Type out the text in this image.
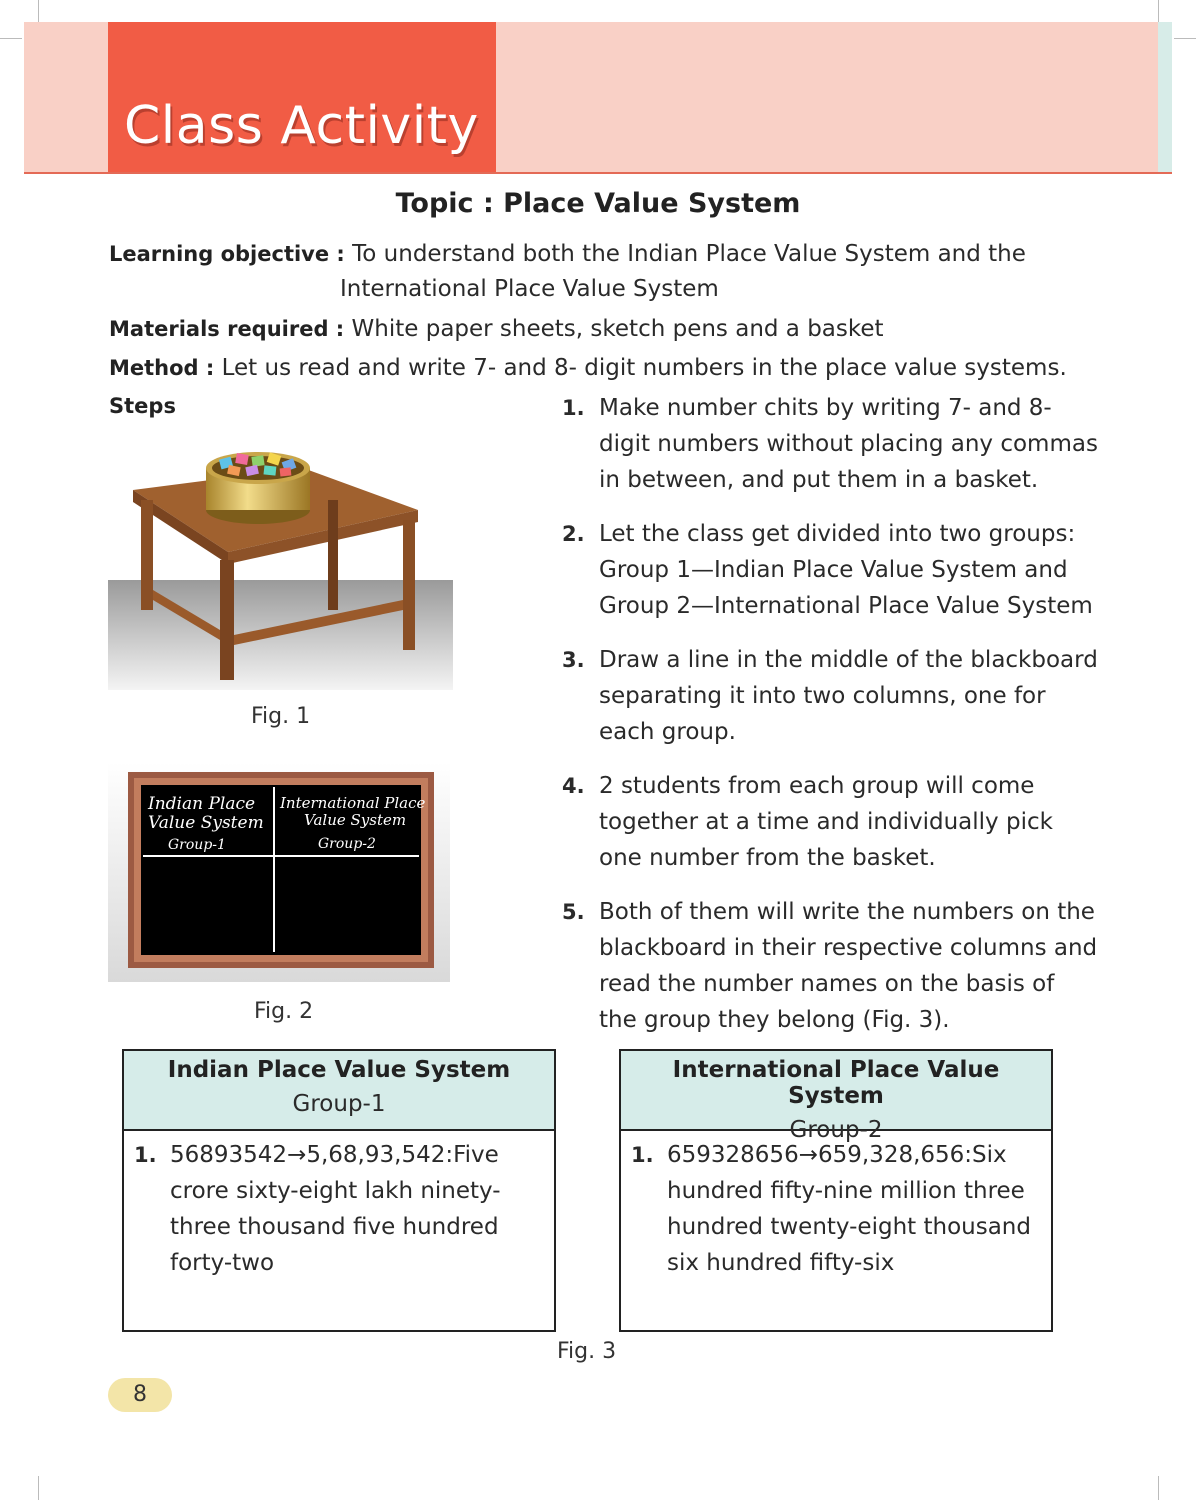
Class Activity
Topic : Place Value System
Learning objective : To understand both the Indian Place Value System and the
International Place Value System
Materials required : White paper sheets, sketch pens and a basket
Method : Let us read and write 7- and 8- digit numbers in the place value systems.
Steps	1. Make number chits by writing 7- and 8-digit numbers without placing any commas in between, and put them in a basket.
2. Let the class get divided into two groups: Group 1—Indian Place Value System and Group 2—International Place Value System
3. Draw a line in the middle of the blackboard separating it into two columns, one for each group.
4. 2 students from each group will come together at a time and individually pick one number from the basket.
5. Both of them will write the numbers on the blackboard in their respective columns and read the number names on the basis of the group they belong (Fig. 3).
Fig. 1
Indian Place
Value System
Group-1
International Place
Value System
Group-2
Fig. 2
Indian Place Value System
Group-1
1. 56893542→5,68,93,542:Five crore sixty-eight lakh ninety-three thousand five hundred forty-two
International Place Value System
Group-2
1. 659328656→659,328,656:Six hundred fifty-nine million three hundred twenty-eight thousand six hundred fifty-six
Fig. 3
8
